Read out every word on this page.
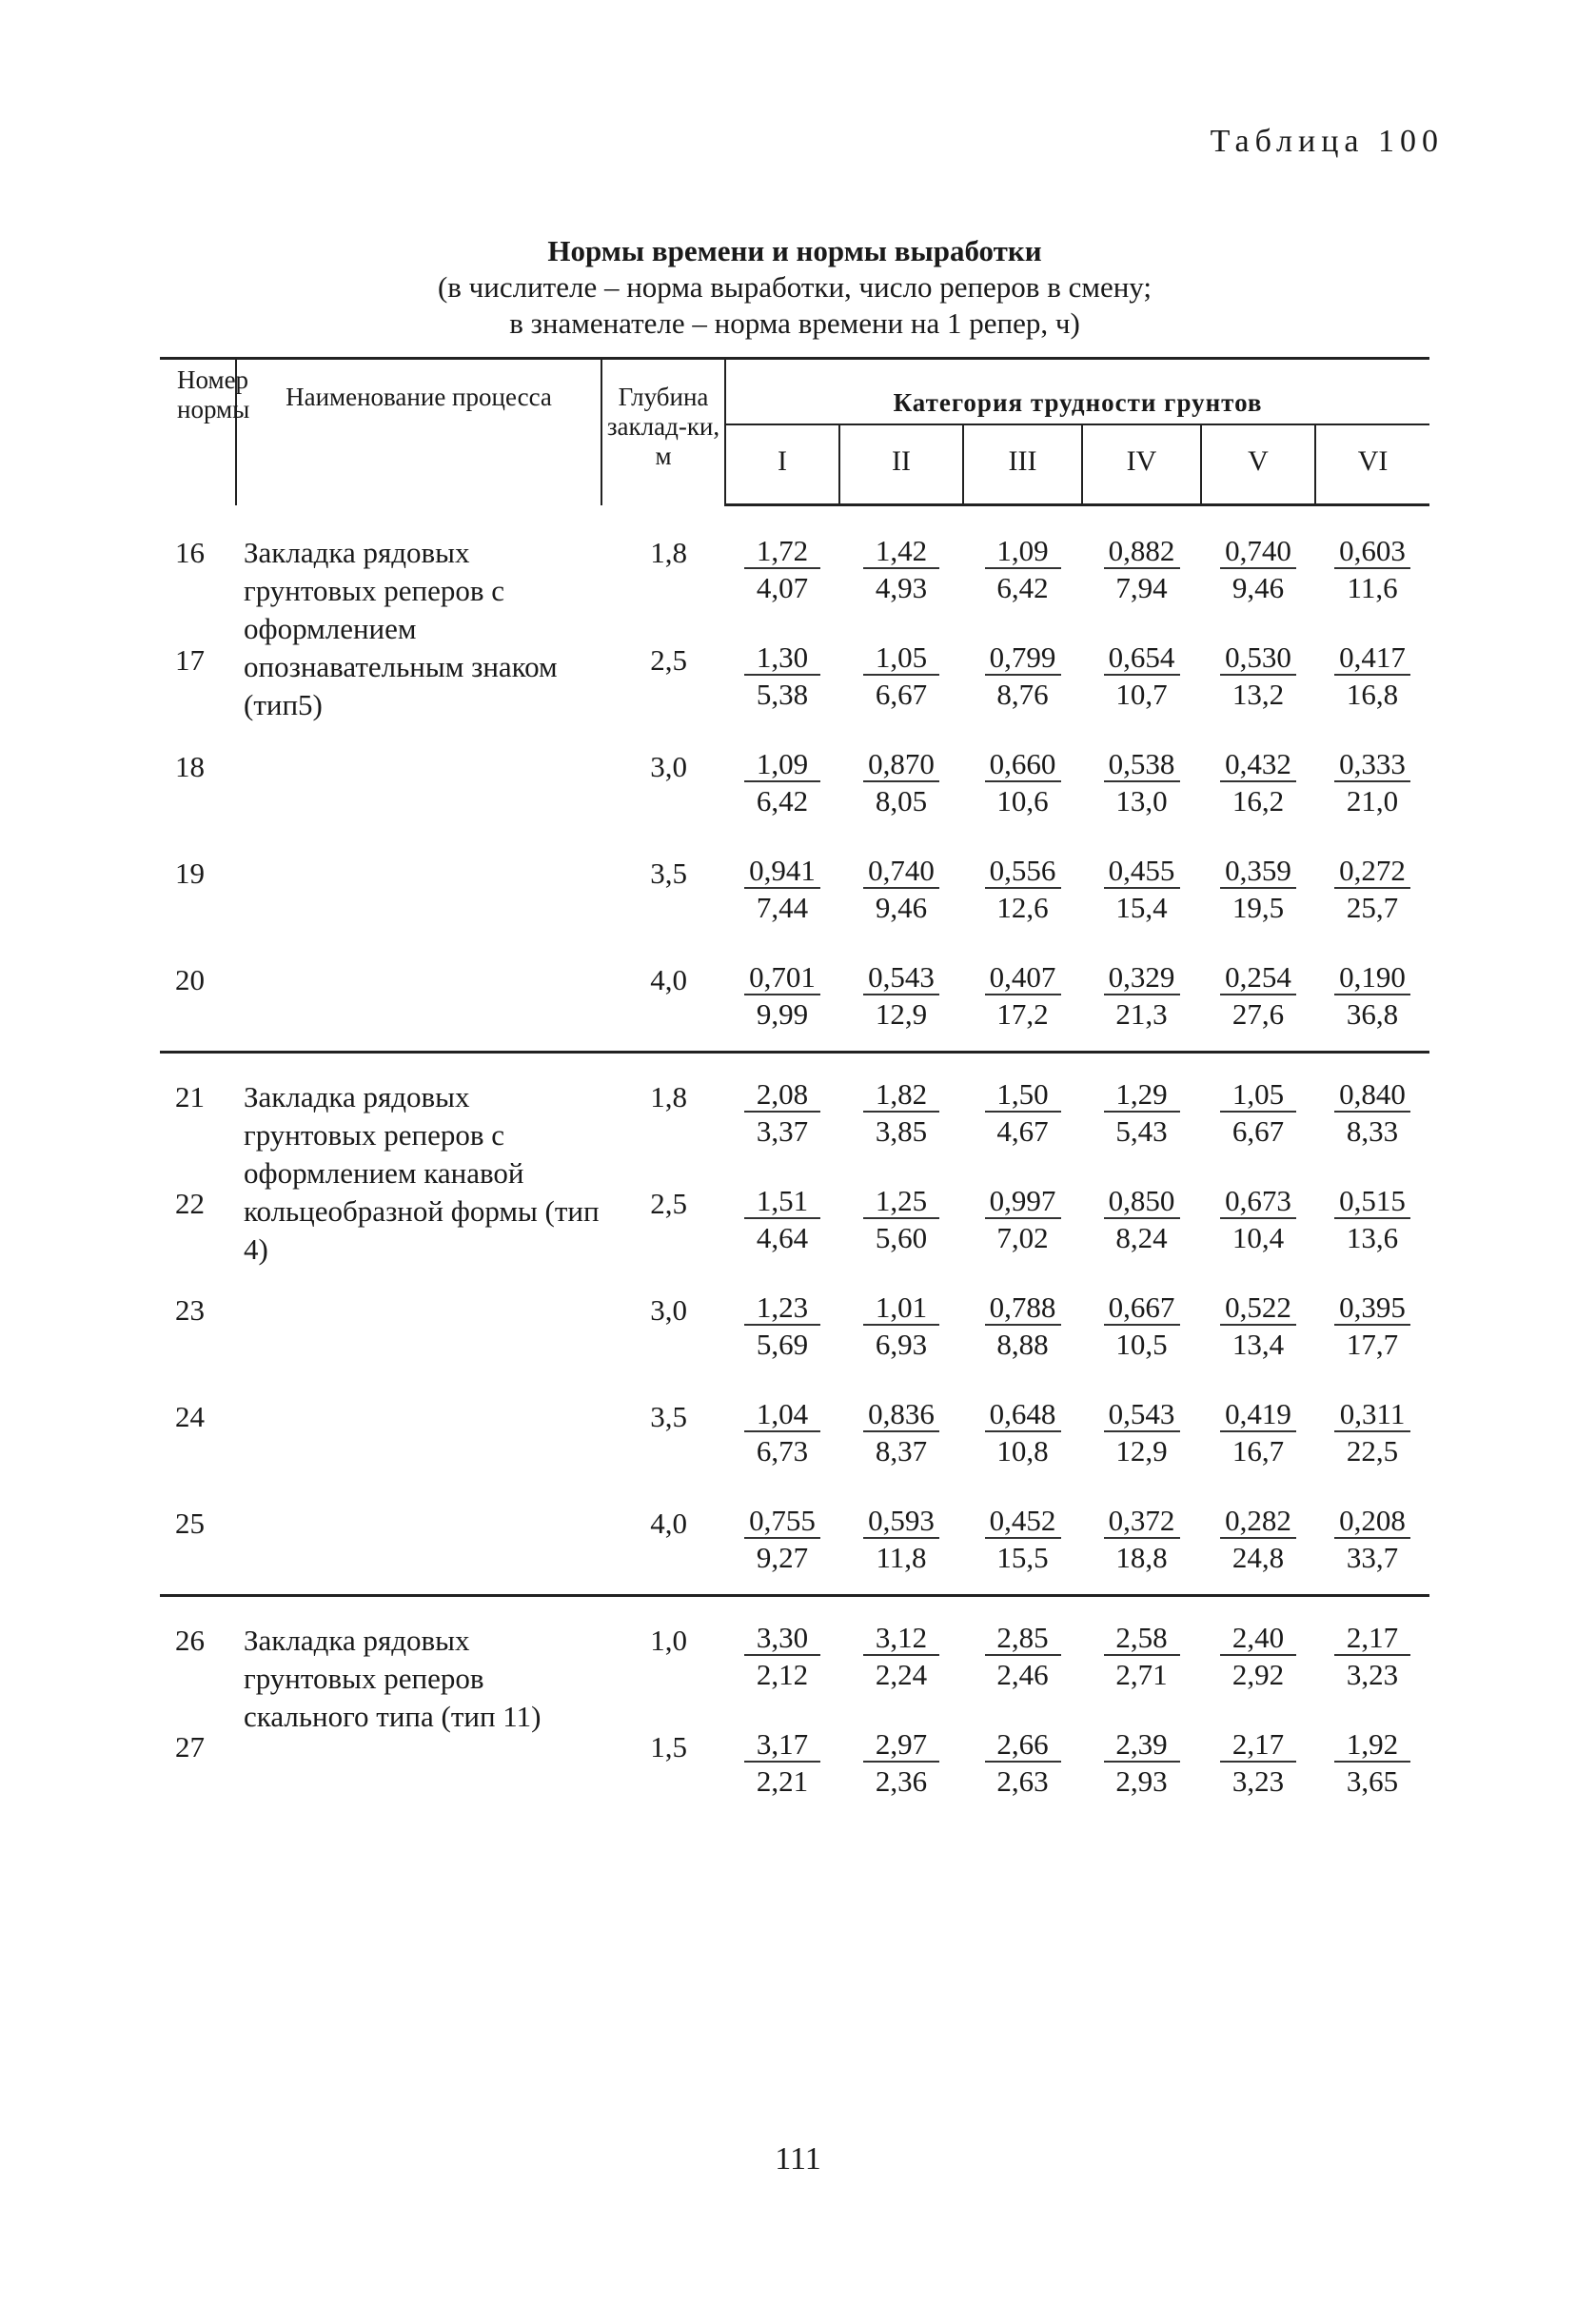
Таблица 100
Нормы времени и нормы выработки
(в числителе – норма выработки, число реперов в смену;
в знаменателе – норма времени на 1 репер, ч)
Номер нормы	Наименование процесса	Глубина заклад-ки, м	Категория трудности грунтов					
			I	II	III	IV	V	VI
16	Закладка рядовых грунтовых реперов с оформлением опознавательным знаком (тип5)	1,8	$\frac{1,72}{4,07}$	$\frac{1,42}{4,93}$	$\frac{1,09}{6,42}$	$\frac{0,882}{7,94}$	$\frac{0,740}{9,46}$	$\frac{0,603}{11,6}$

17		2,5	$\frac{1,30}{5,38}$	$\frac{1,05}{6,67}$	$\frac{0,799}{8,76}$	$\frac{0,654}{10,7}$	$\frac{0,530}{13,2}$	$\frac{0,417}{16,8}$

18		3,0	$\frac{1,09}{6,42}$	$\frac{0,870}{8,05}$	$\frac{0,660}{10,6}$	$\frac{0,538}{13,0}$	$\frac{0,432}{16,2}$	$\frac{0,333}{21,0}$

19		3,5	$\frac{0,941}{7,44}$	$\frac{0,740}{9,46}$	$\frac{0,556}{12,6}$	$\frac{0,455}{15,4}$	$\frac{0,359}{19,5}$	$\frac{0,272}{25,7}$

20		4,0	$\frac{0,701}{9,99}$	$\frac{0,543}{12,9}$	$\frac{0,407}{17,2}$	$\frac{0,329}{21,3}$	$\frac{0,254}{27,6}$	$\frac{0,190}{36,8}$

21	Закладка рядовых грунтовых реперов с оформлением канавой кольцеобразной формы (тип 4)	1,8	$\frac{2,08}{3,37}$	$\frac{1,82}{3,85}$	$\frac{1,50}{4,67}$	$\frac{1,29}{5,43}$	$\frac{1,05}{6,67}$	$\frac{0,840}{8,33}$

22		2,5	$\frac{1,51}{4,64}$	$\frac{1,25}{5,60}$	$\frac{0,997}{7,02}$	$\frac{0,850}{8,24}$	$\frac{0,673}{10,4}$	$\frac{0,515}{13,6}$

23		3,0	$\frac{1,23}{5,69}$	$\frac{1,01}{6,93}$	$\frac{0,788}{8,88}$	$\frac{0,667}{10,5}$	$\frac{0,522}{13,4}$	$\frac{0,395}{17,7}$

24		3,5	$\frac{1,04}{6,73}$	$\frac{0,836}{8,37}$	$\frac{0,648}{10,8}$	$\frac{0,543}{12,9}$	$\frac{0,419}{16,7}$	$\frac{0,311}{22,5}$

25		4,0	$\frac{0,755}{9,27}$	$\frac{0,593}{11,8}$	$\frac{0,452}{15,5}$	$\frac{0,372}{18,8}$	$\frac{0,282}{24,8}$	$\frac{0,208}{33,7}$

26	Закладка рядовых грунтовых реперов скального типа (тип 11)	1,0	$\frac{3,30}{2,12}$	$\frac{3,12}{2,24}$	$\frac{2,85}{2,46}$	$\frac{2,58}{2,71}$	$\frac{2,40}{2,92}$	$\frac{2,17}{3,23}$

27		1,5	$\frac{3,17}{2,21}$	$\frac{2,97}{2,36}$	$\frac{2,66}{2,63}$	$\frac{2,39}{2,93}$	$\frac{2,17}{3,23}$	$\frac{1,92}{3,65}$
111
